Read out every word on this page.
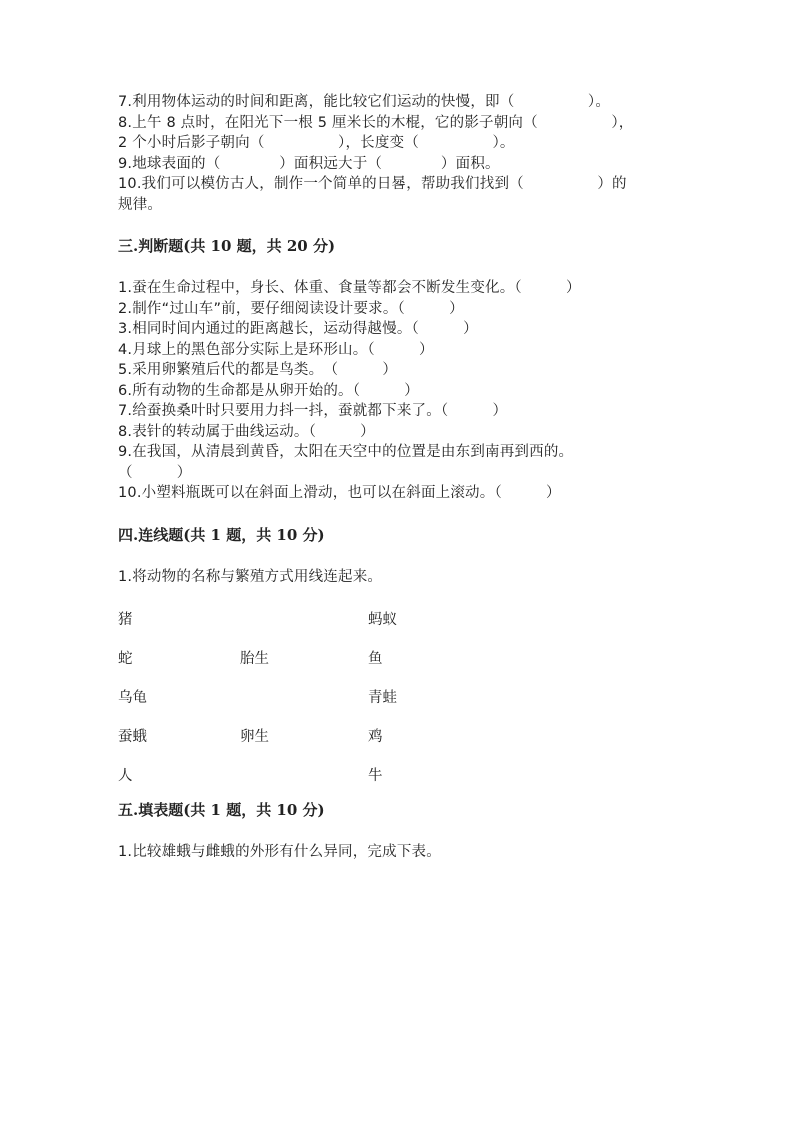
7.利用物体运动的时间和距离，能比较它们运动的快慢，即（　　　　　）。
8.上午 8 点时，在阳光下一根 5 厘米长的木棍，它的影子朝向（　　　　　），
2 个小时后影子朝向（　　　　　），长度变（　　　　　）。
9.地球表面的（　　　　）面积远大于（　　　　）面积。
10.我们可以模仿古人，制作一个简单的日晷，帮助我们找到（　　　　　）的
规律。
三.判断题(共 10 题，共 20 分)
1.蚕在生命过程中，身长、体重、食量等都会不断发生变化。（　　　）
2.制作“过山车”前，要仔细阅读设计要求。（　　　）
3.相同时间内通过的距离越长，运动得越慢。（　　　）
4.月球上的黑色部分实际上是环形山。（　　　）
5.采用卵繁殖后代的都是鸟类。　（　　　）
6.所有动物的生命都是从卵开始的。（　　　）
7.给蚕换桑叶时只要用力抖一抖，蚕就都下来了。（　　　）
8.表针的转动属于曲线运动。（　　　）
9.在我国，从清晨到黄昏，太阳在天空中的位置是由东到南再到西的。
（　　　）
10.小塑料瓶既可以在斜面上滑动，也可以在斜面上滚动。（　　　）
四.连线题(共 1 题，共 10 分)
1.将动物的名称与繁殖方式用线连起来。
猪
蛇
乌龟
蚕蛾
人
胎生
卵生
蚂蚁
鱼
青蛙
鸡
牛
五.填表题(共 1 题，共 10 分)
1.比较雄蛾与雌蛾的外形有什么异同，完成下表。
